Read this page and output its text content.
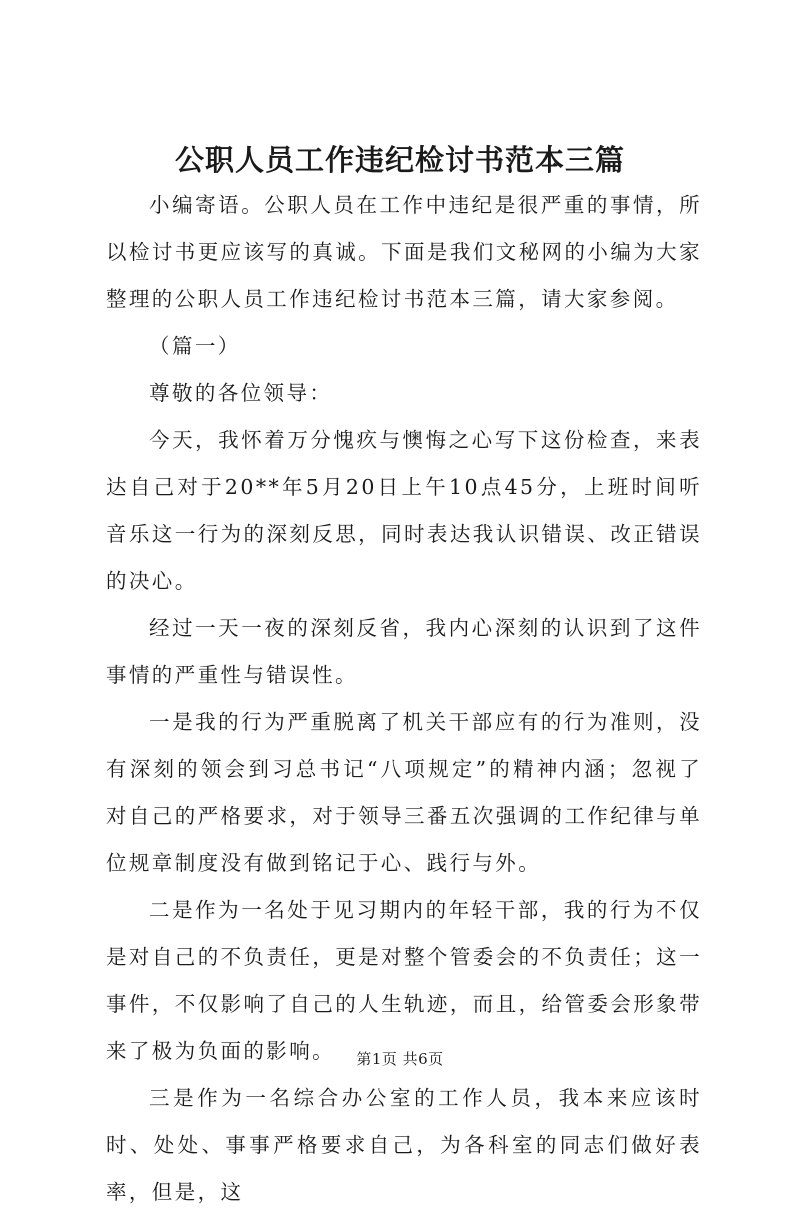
公职人员工作违纪检讨书范本三篇

小编寄语。公职人员在工作中违纪是很严重的事情，所以检讨书更应该写的真诚。下面是我们文秘网的小编为大家整理的公职人员工作违纪检讨书范本三篇，请大家参阅。

（篇一）

尊敬的各位领导：

今天，我怀着万分愧疚与懊悔之心写下这份检查，来表达自己对于20**年5月20日上午10点45分，上班时间听音乐这一行为的深刻反思，同时表达我认识错误、改正错误的决心。

经过一天一夜的深刻反省，我内心深刻的认识到了这件事情的严重性与错误性。

一是我的行为严重脱离了机关干部应有的行为准则，没有深刻的领会到习总书记“八项规定”的精神内涵；忽视了对自己的严格要求，对于领导三番五次强调的工作纪律与单位规章制度没有做到铭记于心、践行与外。

二是作为一名处于见习期内的年轻干部，我的行为不仅是对自己的不负责任，更是对整个管委会的不负责任；这一事件，不仅影响了自己的人生轨迹，而且，给管委会形象带来了极为负面的影响。

三是作为一名综合办公室的工作人员，我本来应该时时、处处、事事严格要求自己，为各科室的同志们做好表率，但是，这

第1页 共6页
